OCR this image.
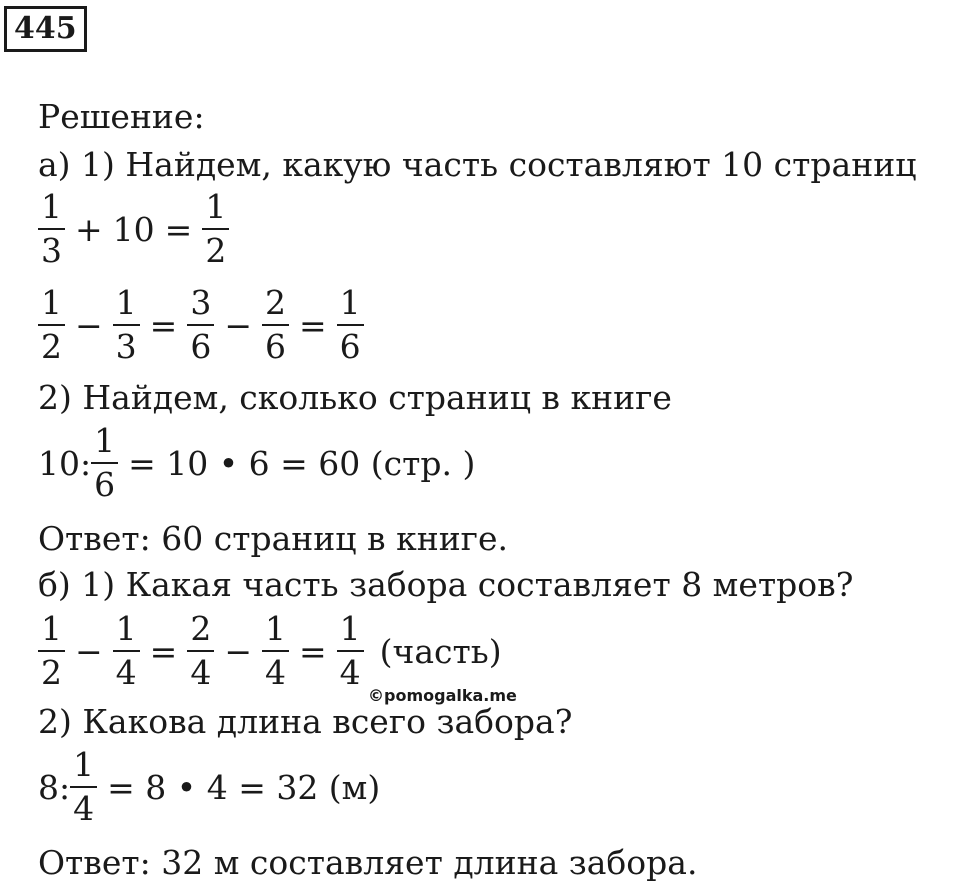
445
Решение:
а) 1) Найдем, какую часть составляют 10 страниц
$\frac{1}{3} + 10 = \frac{1}{2}$
$\frac{1}{2} - \frac{1}{3} = \frac{3}{6} - \frac{2}{6} = \frac{1}{6}$
2) Найдем, сколько страниц в книге
10: $\frac{1}{6} = 10$ • 6 = 60 (стр. )
Ответ: 60 страниц в книге.
б) 1) Какая часть забора составляет 8 метров?
$\frac{1}{2} - \frac{1}{4} = \frac{2}{4} - \frac{1}{4} = \frac{1}{4}$ (часть)
©pomogalka.me
2) Какова длина всего забора?
8: $\frac{1}{4} = 8$ • 4 = 32 (м)
Ответ: 32 м составляет длина забора.
